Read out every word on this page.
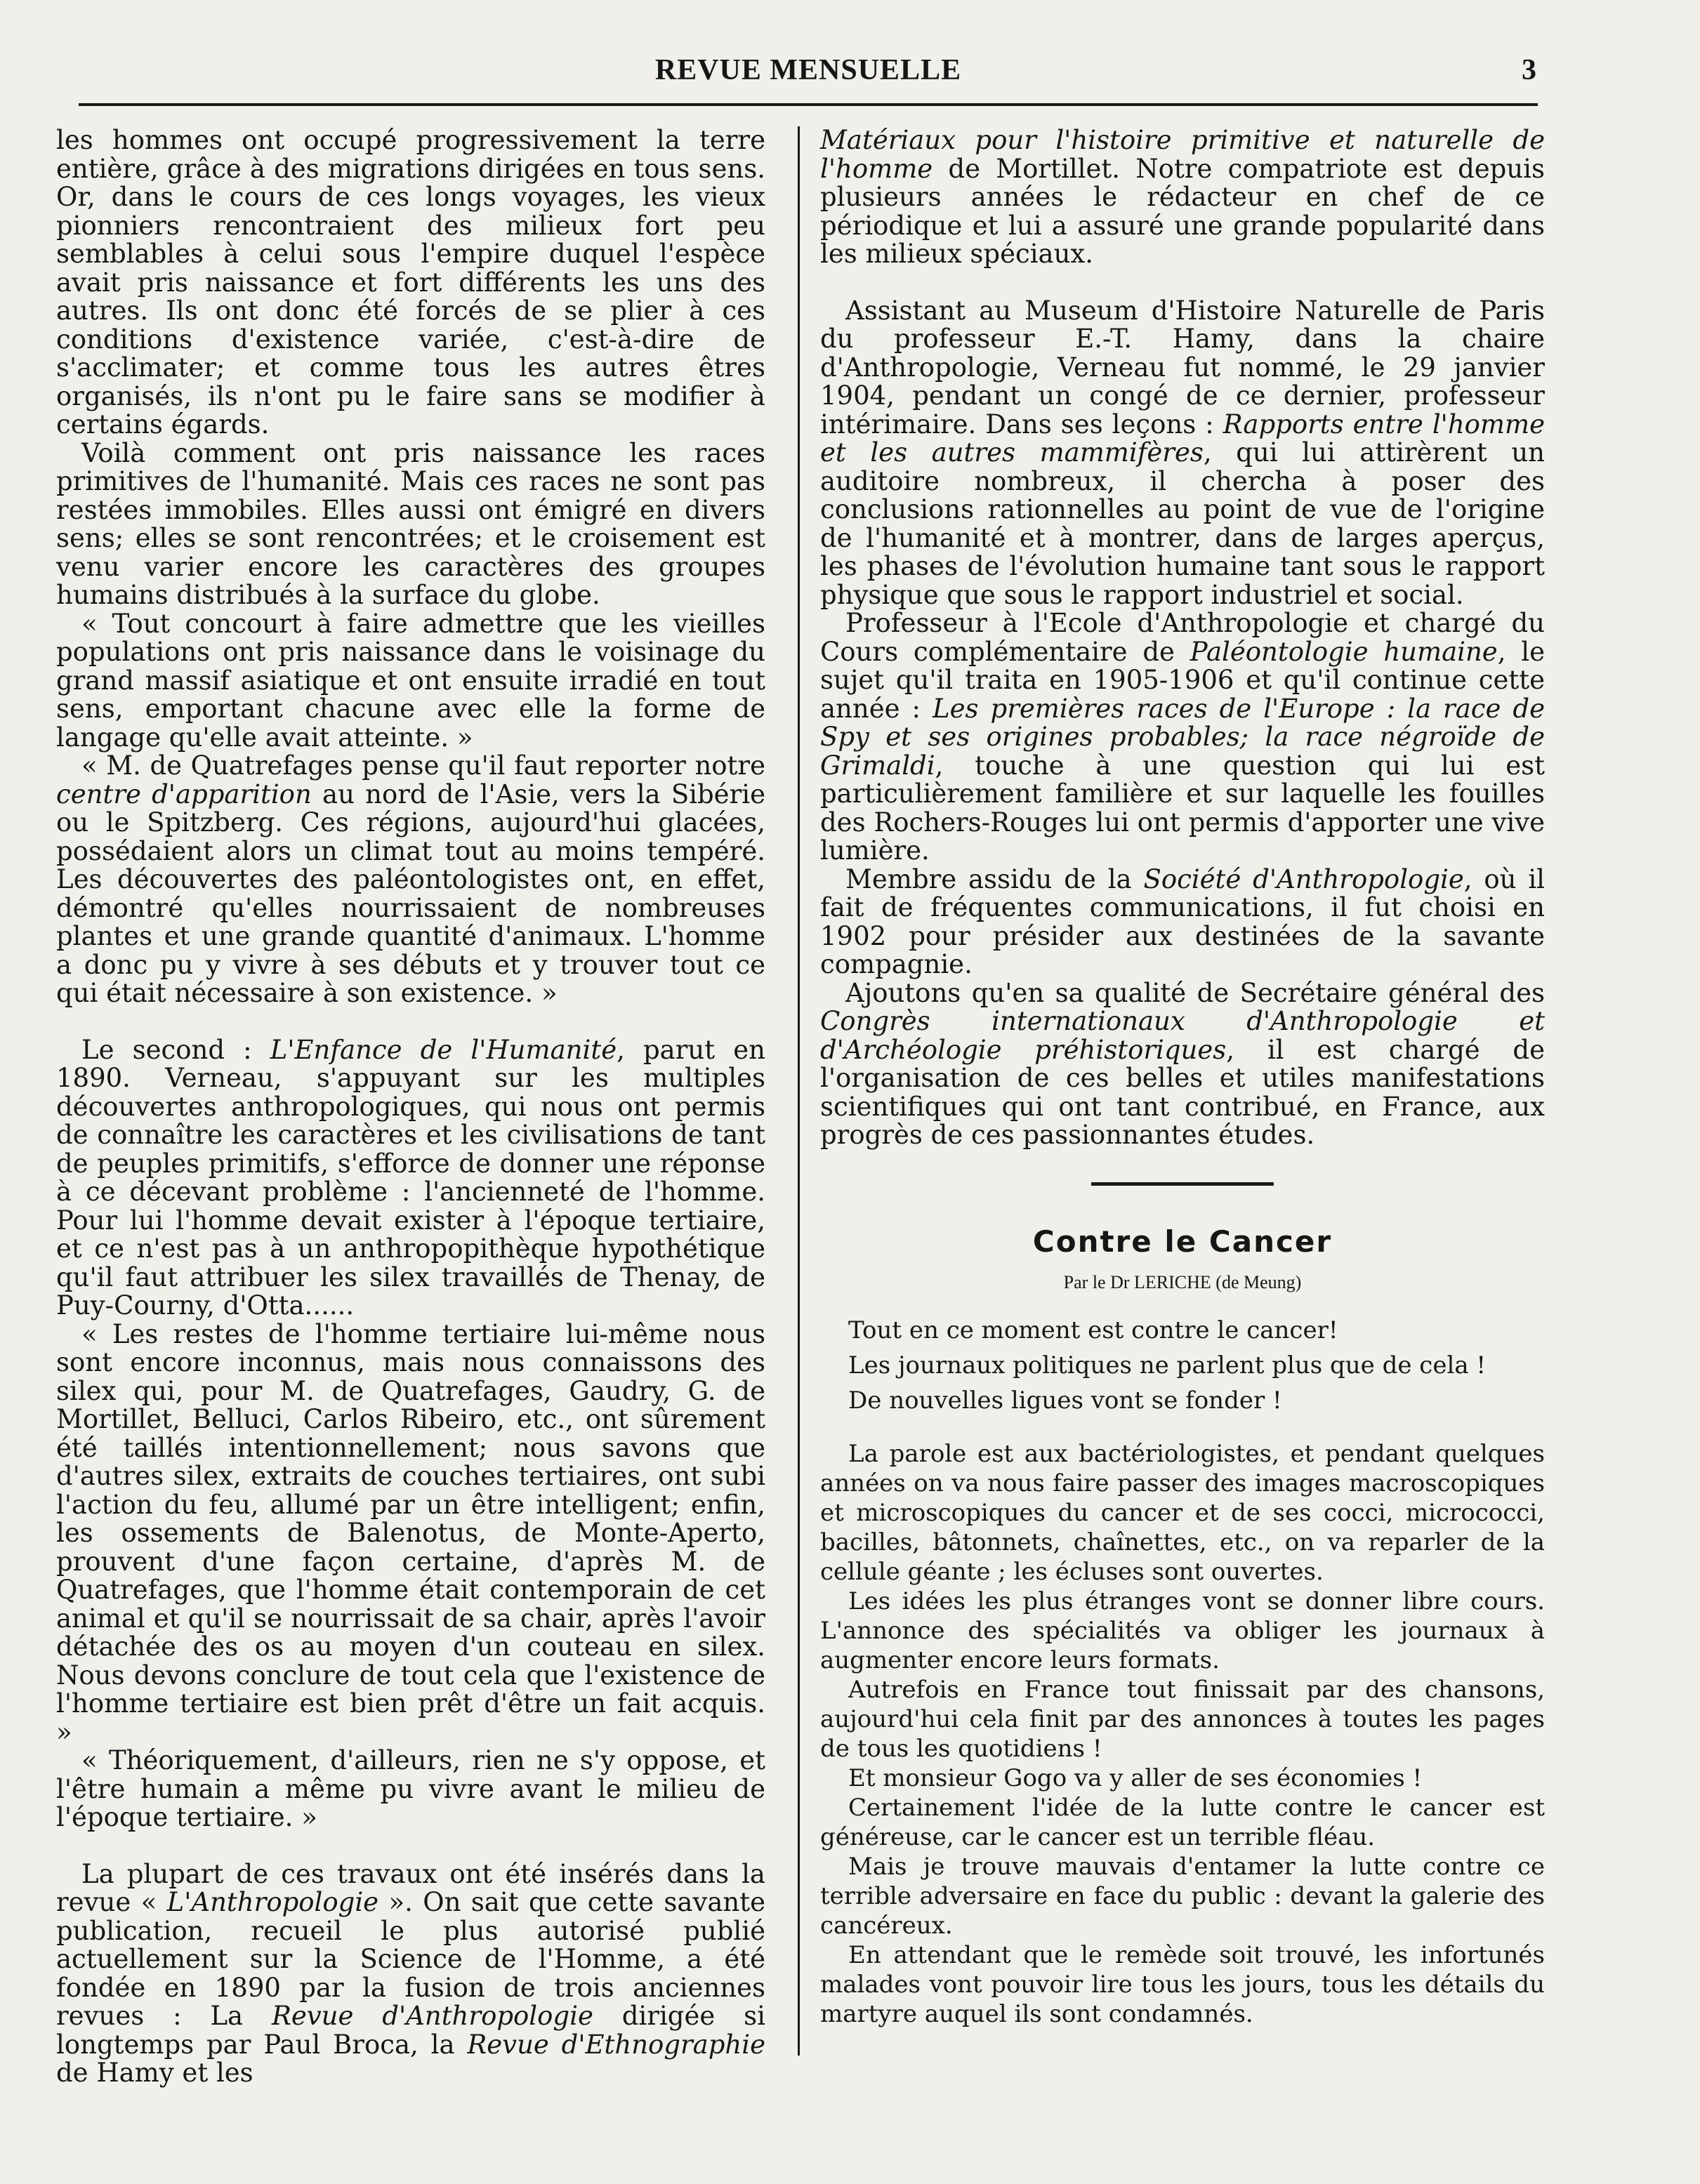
REVUE MENSUELLE	3

les hommes ont occupé progressivement la terre entière, grâce à des migrations dirigées en tous sens. Or, dans le cours de ces longs voyages, les vieux pionniers rencontraient des milieux fort peu semblables à celui sous l'empire duquel l'espèce avait pris naissance et fort différents les uns des autres. Ils ont donc été forcés de se plier à ces conditions d'existence variée, c'est-à-dire de s'acclimater; et comme tous les autres êtres organisés, ils n'ont pu le faire sans se modifier à certains égards.

Voilà comment ont pris naissance les races primitives de l'humanité. Mais ces races ne sont pas restées immobiles. Elles aussi ont émigré en divers sens; elles se sont rencontrées; et le croisement est venu varier encore les caractères des groupes humains distribués à la surface du globe.

« Tout concourt à faire admettre que les vieilles populations ont pris naissance dans le voisinage du grand massif asiatique et ont ensuite irradié en tout sens, emportant chacune avec elle la forme de langage qu'elle avait atteinte. »

« M. de Quatrefages pense qu'il faut reporter notre centre d'apparition au nord de l'Asie, vers la Sibérie ou le Spitzberg. Ces régions, aujourd'hui glacées, possédaient alors un climat tout au moins tempéré. Les découvertes des paléontologistes ont, en effet, démontré qu'elles nourrissaient de nombreuses plantes et une grande quantité d'animaux. L'homme a donc pu y vivre à ses débuts et y trouver tout ce qui était nécessaire à son existence. »

Le second : L'Enfance de l'Humanité, parut en 1890. Verneau, s'appuyant sur les multiples découvertes anthropologiques, qui nous ont permis de connaître les caractères et les civilisations de tant de peuples primitifs, s'efforce de donner une réponse à ce décevant problème : l'ancienneté de l'homme. Pour lui l'homme devait exister à l'époque tertiaire, et ce n'est pas à un anthropopithèque hypothétique qu'il faut attribuer les silex travaillés de Thenay, de Puy-Courny, d'Otta......

« Les restes de l'homme tertiaire lui-même nous sont encore inconnus, mais nous connaissons des silex qui, pour M. de Quatrefages, Gaudry, G. de Mortillet, Belluci, Carlos Ribeiro, etc., ont sûrement été taillés intentionnellement; nous savons que d'autres silex, extraits de couches tertiaires, ont subi l'action du feu, allumé par un être intelligent; enfin, les ossements de Balenotus, de Monte-Aperto, prouvent d'une façon certaine, d'après M. de Quatrefages, que l'homme était contemporain de cet animal et qu'il se nourrissait de sa chair, après l'avoir détachée des os au moyen d'un couteau en silex. Nous devons conclure de tout cela que l'existence de l'homme tertiaire est bien prêt d'être un fait acquis. »

« Théoriquement, d'ailleurs, rien ne s'y oppose, et l'être humain a même pu vivre avant le milieu de l'époque tertiaire. »

La plupart de ces travaux ont été insérés dans la revue « L'Anthropologie ». On sait que cette savante publication, recueil le plus autorisé publié actuellement sur la Science de l'Homme, a été fondée en 1890 par la fusion de trois anciennes revues : La Revue d'Anthropologie dirigée si longtemps par Paul Broca, la Revue d'Ethnographie de Hamy et les

Matériaux pour l'histoire primitive et naturelle de l'homme de Mortillet. Notre compatriote est depuis plusieurs années le rédacteur en chef de ce périodique et lui a assuré une grande popularité dans les milieux spéciaux.

Assistant au Museum d'Histoire Naturelle de Paris du professeur E.-T. Hamy, dans la chaire d'Anthropologie, Verneau fut nommé, le 29 janvier 1904, pendant un congé de ce dernier, professeur intérimaire. Dans ses leçons : Rapports entre l'homme et les autres mammifères, qui lui attirèrent un auditoire nombreux, il chercha à poser des conclusions rationnelles au point de vue de l'origine de l'humanité et à montrer, dans de larges aperçus, les phases de l'évolution humaine tant sous le rapport physique que sous le rapport industriel et social.

Professeur à l'Ecole d'Anthropologie et chargé du Cours complémentaire de Paléontologie humaine, le sujet qu'il traita en 1905-1906 et qu'il continue cette année : Les premières races de l'Europe : la race de Spy et ses origines probables; la race négroïde de Grimaldi, touche à une question qui lui est particulièrement familière et sur laquelle les fouilles des Rochers-Rouges lui ont permis d'apporter une vive lumière.

Membre assidu de la Société d'Anthropologie, où il fait de fréquentes communications, il fut choisi en 1902 pour présider aux destinées de la savante compagnie.

Ajoutons qu'en sa qualité de Secrétaire général des Congrès internationaux d'Anthropologie et d'Archéologie préhistoriques, il est chargé de l'organisation de ces belles et utiles manifestations scientifiques qui ont tant contribué, en France, aux progrès de ces passionnantes études.

Contre le Cancer
Par le Dr LERICHE (de Meung)

Tout en ce moment est contre le cancer!

Les journaux politiques ne parlent plus que de cela !

De nouvelles ligues vont se fonder !

La parole est aux bactériologistes, et pendant quelques années on va nous faire passer des images macroscopiques et microscopiques du cancer et de ses cocci, micrococci, bacilles, bâtonnets, chaînettes, etc., on va reparler de la cellule géante ; les écluses sont ouvertes.

Les idées les plus étranges vont se donner libre cours. L'annonce des spécialités va obliger les journaux à augmenter encore leurs formats.

Autrefois en France tout finissait par des chansons, aujourd'hui cela finit par des annonces à toutes les pages de tous les quotidiens !

Et monsieur Gogo va y aller de ses économies !

Certainement l'idée de la lutte contre le cancer est généreuse, car le cancer est un terrible fléau.

Mais je trouve mauvais d'entamer la lutte contre ce terrible adversaire en face du public : devant la galerie des cancéreux.

En attendant que le remède soit trouvé, les infortunés malades vont pouvoir lire tous les jours, tous les détails du martyre auquel ils sont condamnés.
